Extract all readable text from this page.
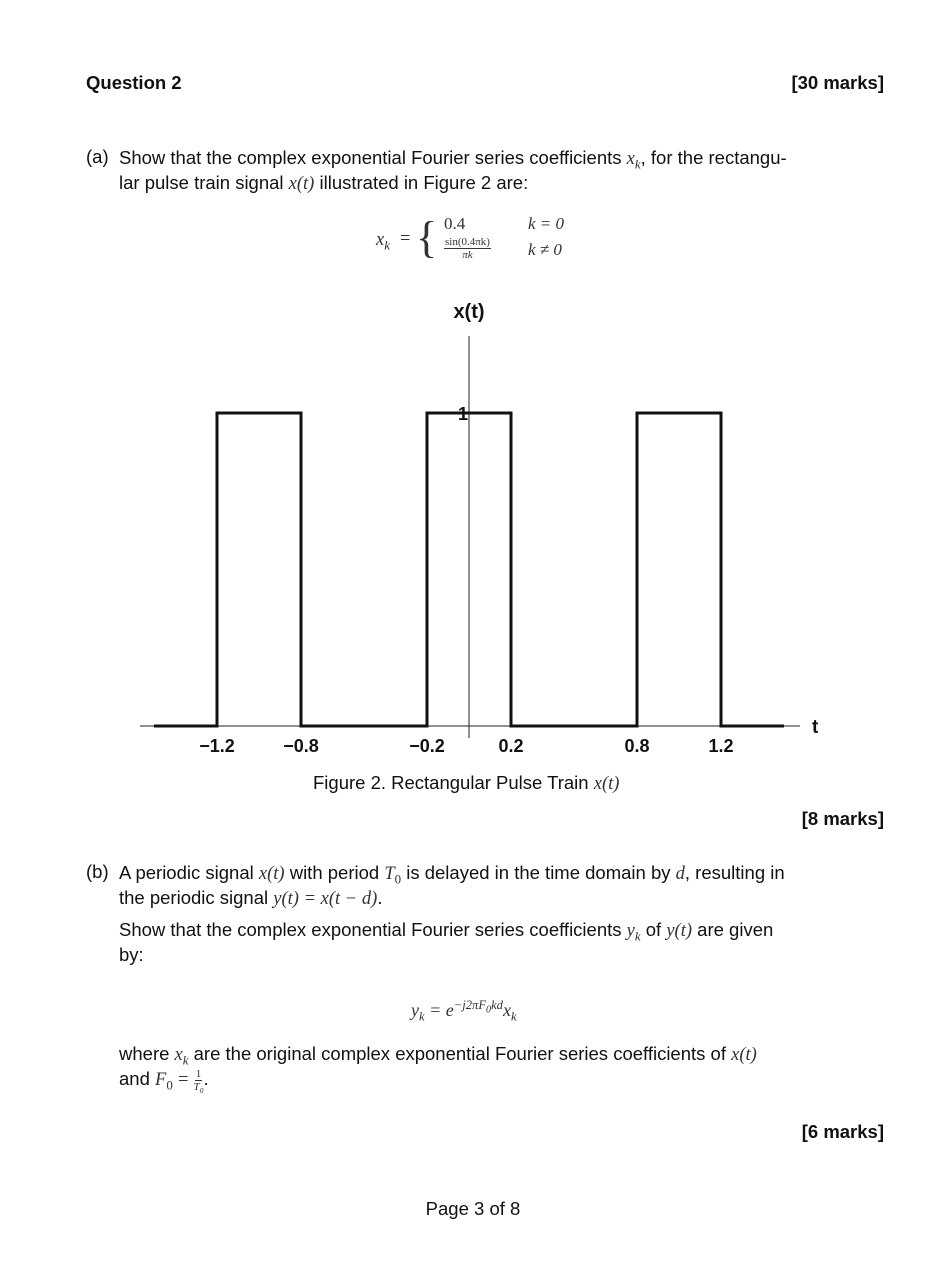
Question 2	[30 marks]
(a) Show that the complex exponential Fourier series coefficients $x_k$, for the rectangu-
lar pulse train signal x(t) illustrated in Figure 2 are:
$x_k$ = { 0.4	k = 0
$\frac{\sin(0.4\pi k)}{\pi k}$ k ≠ 0
x(t)
t
1
−1.2	−0.8	−0.2	0.2	0.8	1.2
Figure 2. Rectangular Pulse Train x(t)
[8 marks]
(b) A periodic signal x(t) with period $T_0$ is delayed in the time domain by d, resulting in
the periodic signal y(t) = x(t − d).
Show that the complex exponential Fourier series coefficients $y_k$ of y(t) are given
by:
$y_k = e^{-j2\pi F_0kd}x_k$
where $x_k$ are the original complex exponential Fourier series coefficients of x(t)
and $F_0 = \frac{1}{T_0}$ .
[6 marks]
Page 3 of 8
